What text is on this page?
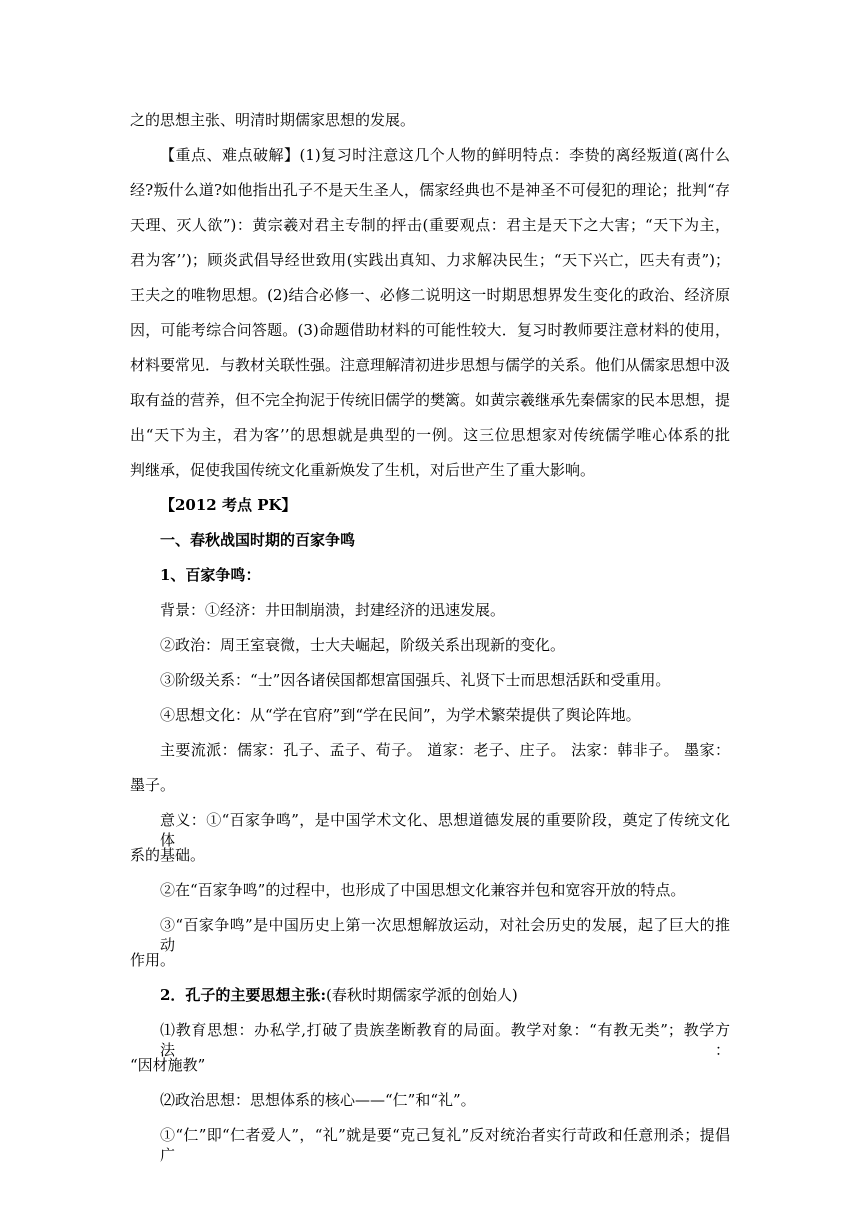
之的思想主张、明清时期儒家思想的发展。
【重点、难点破解】(1)复习时注意这几个人物的鲜明特点：李贽的离经叛道(离什么
经?叛什么道?如他指出孔子不是天生圣人，儒家经典也不是神圣不可侵犯的理论；批判“存
天理、灭人欲”)：黄宗羲对君主专制的抨击(重要观点：君主是天下之大害；“天下为主，
君为客’’)；顾炎武倡导经世致用(实践出真知、力求解决民生；“天下兴亡，匹夫有责”)；
王夫之的唯物思想。(2)结合必修一、必修二说明这一时期思想界发生变化的政治、经济原
因，可能考综合问答题。(3)命题借助材料的可能性较大．复习时教师要注意材料的使用，
材料要常见．与教材关联性强。注意理解清初进步思想与儒学的关系。他们从儒家思想中汲
取有益的营养，但不完全拘泥于传统旧儒学的樊篱。如黄宗羲继承先秦儒家的民本思想，提
出“天下为主，君为客’’的思想就是典型的一例。这三位思想家对传统儒学唯心体系的批
判继承，促使我国传统文化重新焕发了生机，对后世产生了重大影响。
【2012 考点 PK】
一、春秋战国时期的百家争鸣
1、百家争鸣：
背景：①经济：井田制崩溃，封建经济的迅速发展。
②政治：周王室衰微，士大夫崛起，阶级关系出现新的变化。
③阶级关系：“士”因各诸侯国都想富国强兵、礼贤下士而思想活跃和受重用。
④思想文化：从“学在官府”到“学在民间”，为学术繁荣提供了舆论阵地。
主要流派：儒家：孔子、孟子、荀子。 道家：老子、庄子。 法家：韩非子。 墨家：
墨子。
意义：①“百家争鸣”，是中国学术文化、思想道德发展的重要阶段，奠定了传统文化体
系的基础。
②在“百家争鸣”的过程中，也形成了中国思想文化兼容并包和宽容开放的特点。
③“百家争鸣”是中国历史上第一次思想解放运动，对社会历史的发展，起了巨大的推动
作用。
2．孔子的主要思想主张:(春秋时期儒家学派的创始人)
⑴教育思想：办私学,打破了贵族垄断教育的局面。教学对象：“有教无类”；教学方法：
“因材施教”
⑵政治思想：思想体系的核心——“仁”和“礼”。
①“仁”即“仁者爱人”，“礼”就是要“克己复礼”反对统治者实行苛政和任意刑杀；提倡广
